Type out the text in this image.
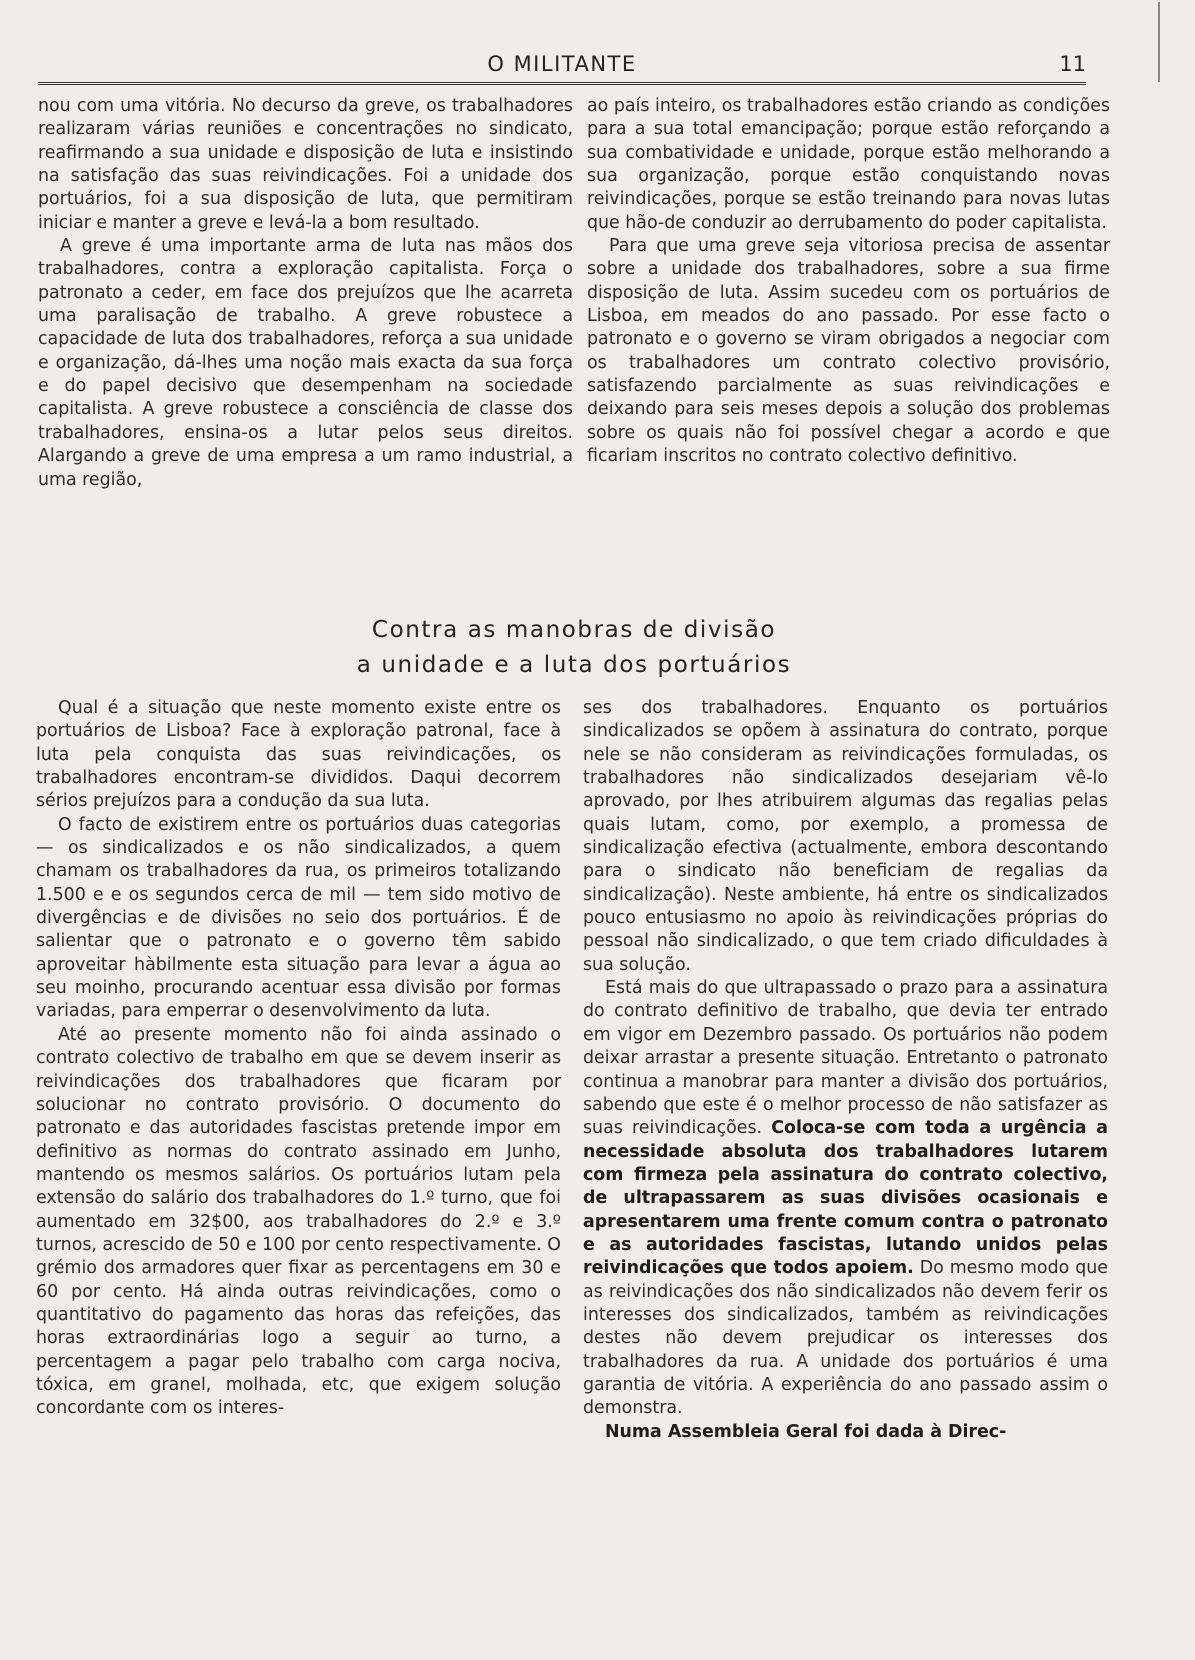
O MILITANTE	11

nou com uma vitória. No decurso da greve, os trabalhadores realizaram várias reuniões e concentrações no sindicato, reafirmando a sua unidade e disposição de luta e insistindo na satisfação das suas reivindicações. Foi a unidade dos portuários, foi a sua disposição de luta, que permitiram iniciar e manter a greve e levá-la a bom resultado.

A greve é uma importante arma de luta nas mãos dos trabalhadores, contra a exploração capitalista. Força o patronato a ceder, em face dos prejuízos que lhe acarreta uma paralisação de trabalho. A greve robustece a capacidade de luta dos trabalhadores, reforça a sua unidade e organização, dá-lhes uma noção mais exacta da sua força e do papel decisivo que desempenham na sociedade capitalista. A greve robustece a consciência de classe dos trabalhadores, ensina-os a lutar pelos seus direitos. Alargando a greve de uma empresa a um ramo industrial, a uma região,

ao país inteiro, os trabalhadores estão criando as condições para a sua total emancipação; porque estão reforçando a sua combatividade e unidade, porque estão melhorando a sua organização, porque estão conquistando novas reivindicações, porque se estão treinando para novas lutas que hão-de conduzir ao derrubamento do poder capitalista.

Para que uma greve seja vitoriosa precisa de assentar sobre a unidade dos trabalhadores, sobre a sua firme disposição de luta. Assim sucedeu com os portuários de Lisboa, em meados do ano passado. Por esse facto o patronato e o governo se viram obrigados a negociar com os trabalhadores um contrato colectivo provisório, satisfazendo parcialmente as suas reivindicações e deixando para seis meses depois a solução dos problemas sobre os quais não foi possível chegar a acordo e que ficariam inscritos no contrato colectivo definitivo.

Contra as manobras de divisão
a unidade e a luta dos portuários

Qual é a situação que neste momento existe entre os portuários de Lisboa? Face à exploração patronal, face à luta pela conquista das suas reivindicações, os trabalhadores encontram-se divididos. Daqui decorrem sérios prejuízos para a condução da sua luta.

O facto de existirem entre os portuários duas categorias — os sindicalizados e os não sindicalizados, a quem chamam os trabalhadores da rua, os primeiros totalizando 1.500 e e os segundos cerca de mil — tem sido motivo de divergências e de divisões no seio dos portuários. É de salientar que o patronato e o governo têm sabido aproveitar hàbilmente esta situação para levar a água ao seu moinho, procurando acentuar essa divisão por formas variadas, para emperrar o desenvolvimento da luta.

Até ao presente momento não foi ainda assinado o contrato colectivo de trabalho em que se devem inserir as reivindicações dos trabalhadores que ficaram por solucionar no contrato provisório. O documento do patronato e das autoridades fascistas pretende impor em definitivo as normas do contrato assinado em Junho, mantendo os mesmos salários. Os portuários lutam pela extensão do salário dos trabalhadores do 1.º turno, que foi aumentado em 32$00, aos trabalhadores do 2.º e 3.º turnos, acrescido de 50 e 100 por cento respectivamente. O grémio dos armadores quer fixar as percentagens em 30 e 60 por cento. Há ainda outras reivindicações, como o quantitativo do pagamento das horas das refeições, das horas extraordinárias logo a seguir ao turno, a percentagem a pagar pelo trabalho com carga nociva, tóxica, em granel, molhada, etc, que exigem solução concordante com os interes-

ses dos trabalhadores. Enquanto os portuários sindicalizados se opõem à assinatura do contrato, porque nele se não consideram as reivindicações formuladas, os trabalhadores não sindicalizados desejariam vê-lo aprovado, por lhes atribuirem algumas das regalias pelas quais lutam, como, por exemplo, a promessa de sindicalização efectiva (actualmente, embora descontando para o sindicato não beneficiam de regalias da sindicalização). Neste ambiente, há entre os sindicalizados pouco entusiasmo no apoio às reivindicações próprias do pessoal não sindicalizado, o que tem criado dificuldades à sua solução.

Está mais do que ultrapassado o prazo para a assinatura do contrato definitivo de trabalho, que devia ter entrado em vigor em Dezembro passado. Os portuários não podem deixar arrastar a presente situação. Entretanto o patronato continua a manobrar para manter a divisão dos portuários, sabendo que este é o melhor processo de não satisfazer as suas reivindicações. Coloca-se com toda a urgência a necessidade absoluta dos trabalhadores lutarem com firmeza pela assinatura do contrato colectivo, de ultrapassarem as suas divisões ocasionais e apresentarem uma frente comum contra o patronato e as autoridades fascistas, lutando unidos pelas reivindicações que todos apoiem. Do mesmo modo que as reivindicações dos não sindicalizados não devem ferir os interesses dos sindicalizados, também as reivindicações destes não devem prejudicar os interesses dos trabalhadores da rua. A unidade dos portuários é uma garantia de vitória. A experiência do ano passado assim o demonstra.

Numa Assembleia Geral foi dada à Direc-
